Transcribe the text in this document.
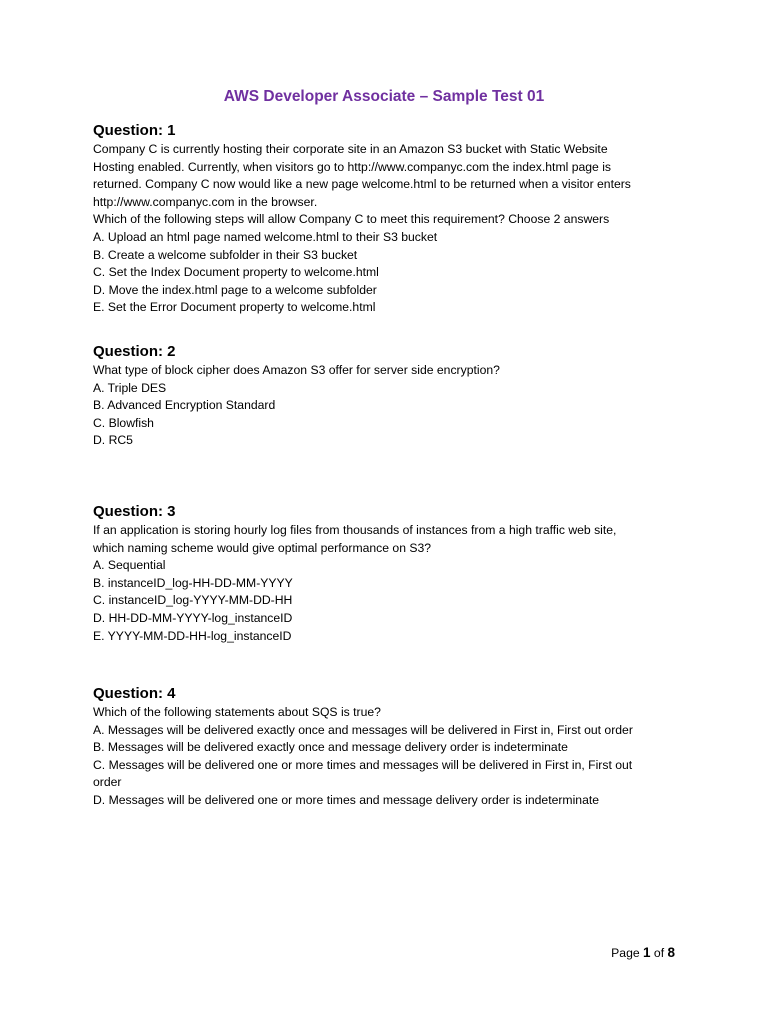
AWS Developer Associate – Sample Test 01
Question: 1
Company C is currently hosting their corporate site in an Amazon S3 bucket with Static Website
Hosting enabled. Currently, when visitors go to http://www.companyc.com the index.html page is
returned. Company C now would like a new page welcome.html to be returned when a visitor enters
http://www.companyc.com in the browser.
Which of the following steps will allow Company C to meet this requirement? Choose 2 answers
A. Upload an html page named welcome.html to their S3 bucket
B. Create a welcome subfolder in their S3 bucket
C. Set the Index Document property to welcome.html
D. Move the index.html page to a welcome subfolder
E. Set the Error Document property to welcome.html
Question: 2
What type of block cipher does Amazon S3 offer for server side encryption?
A. Triple DES
B. Advanced Encryption Standard
C. Blowfish
D. RC5
Question: 3
If an application is storing hourly log files from thousands of instances from a high traffic web site,
which naming scheme would give optimal performance on S3?
A. Sequential
B. instanceID_log-HH-DD-MM-YYYY
C. instanceID_log-YYYY-MM-DD-HH
D. HH-DD-MM-YYYY-log_instanceID
E. YYYY-MM-DD-HH-log_instanceID
Question: 4
Which of the following statements about SQS is true?
A. Messages will be delivered exactly once and messages will be delivered in First in, First out order
B. Messages will be delivered exactly once and message delivery order is indeterminate
C. Messages will be delivered one or more times and messages will be delivered in First in, First out
order
D. Messages will be delivered one or more times and message delivery order is indeterminate
Page 1 of 8
